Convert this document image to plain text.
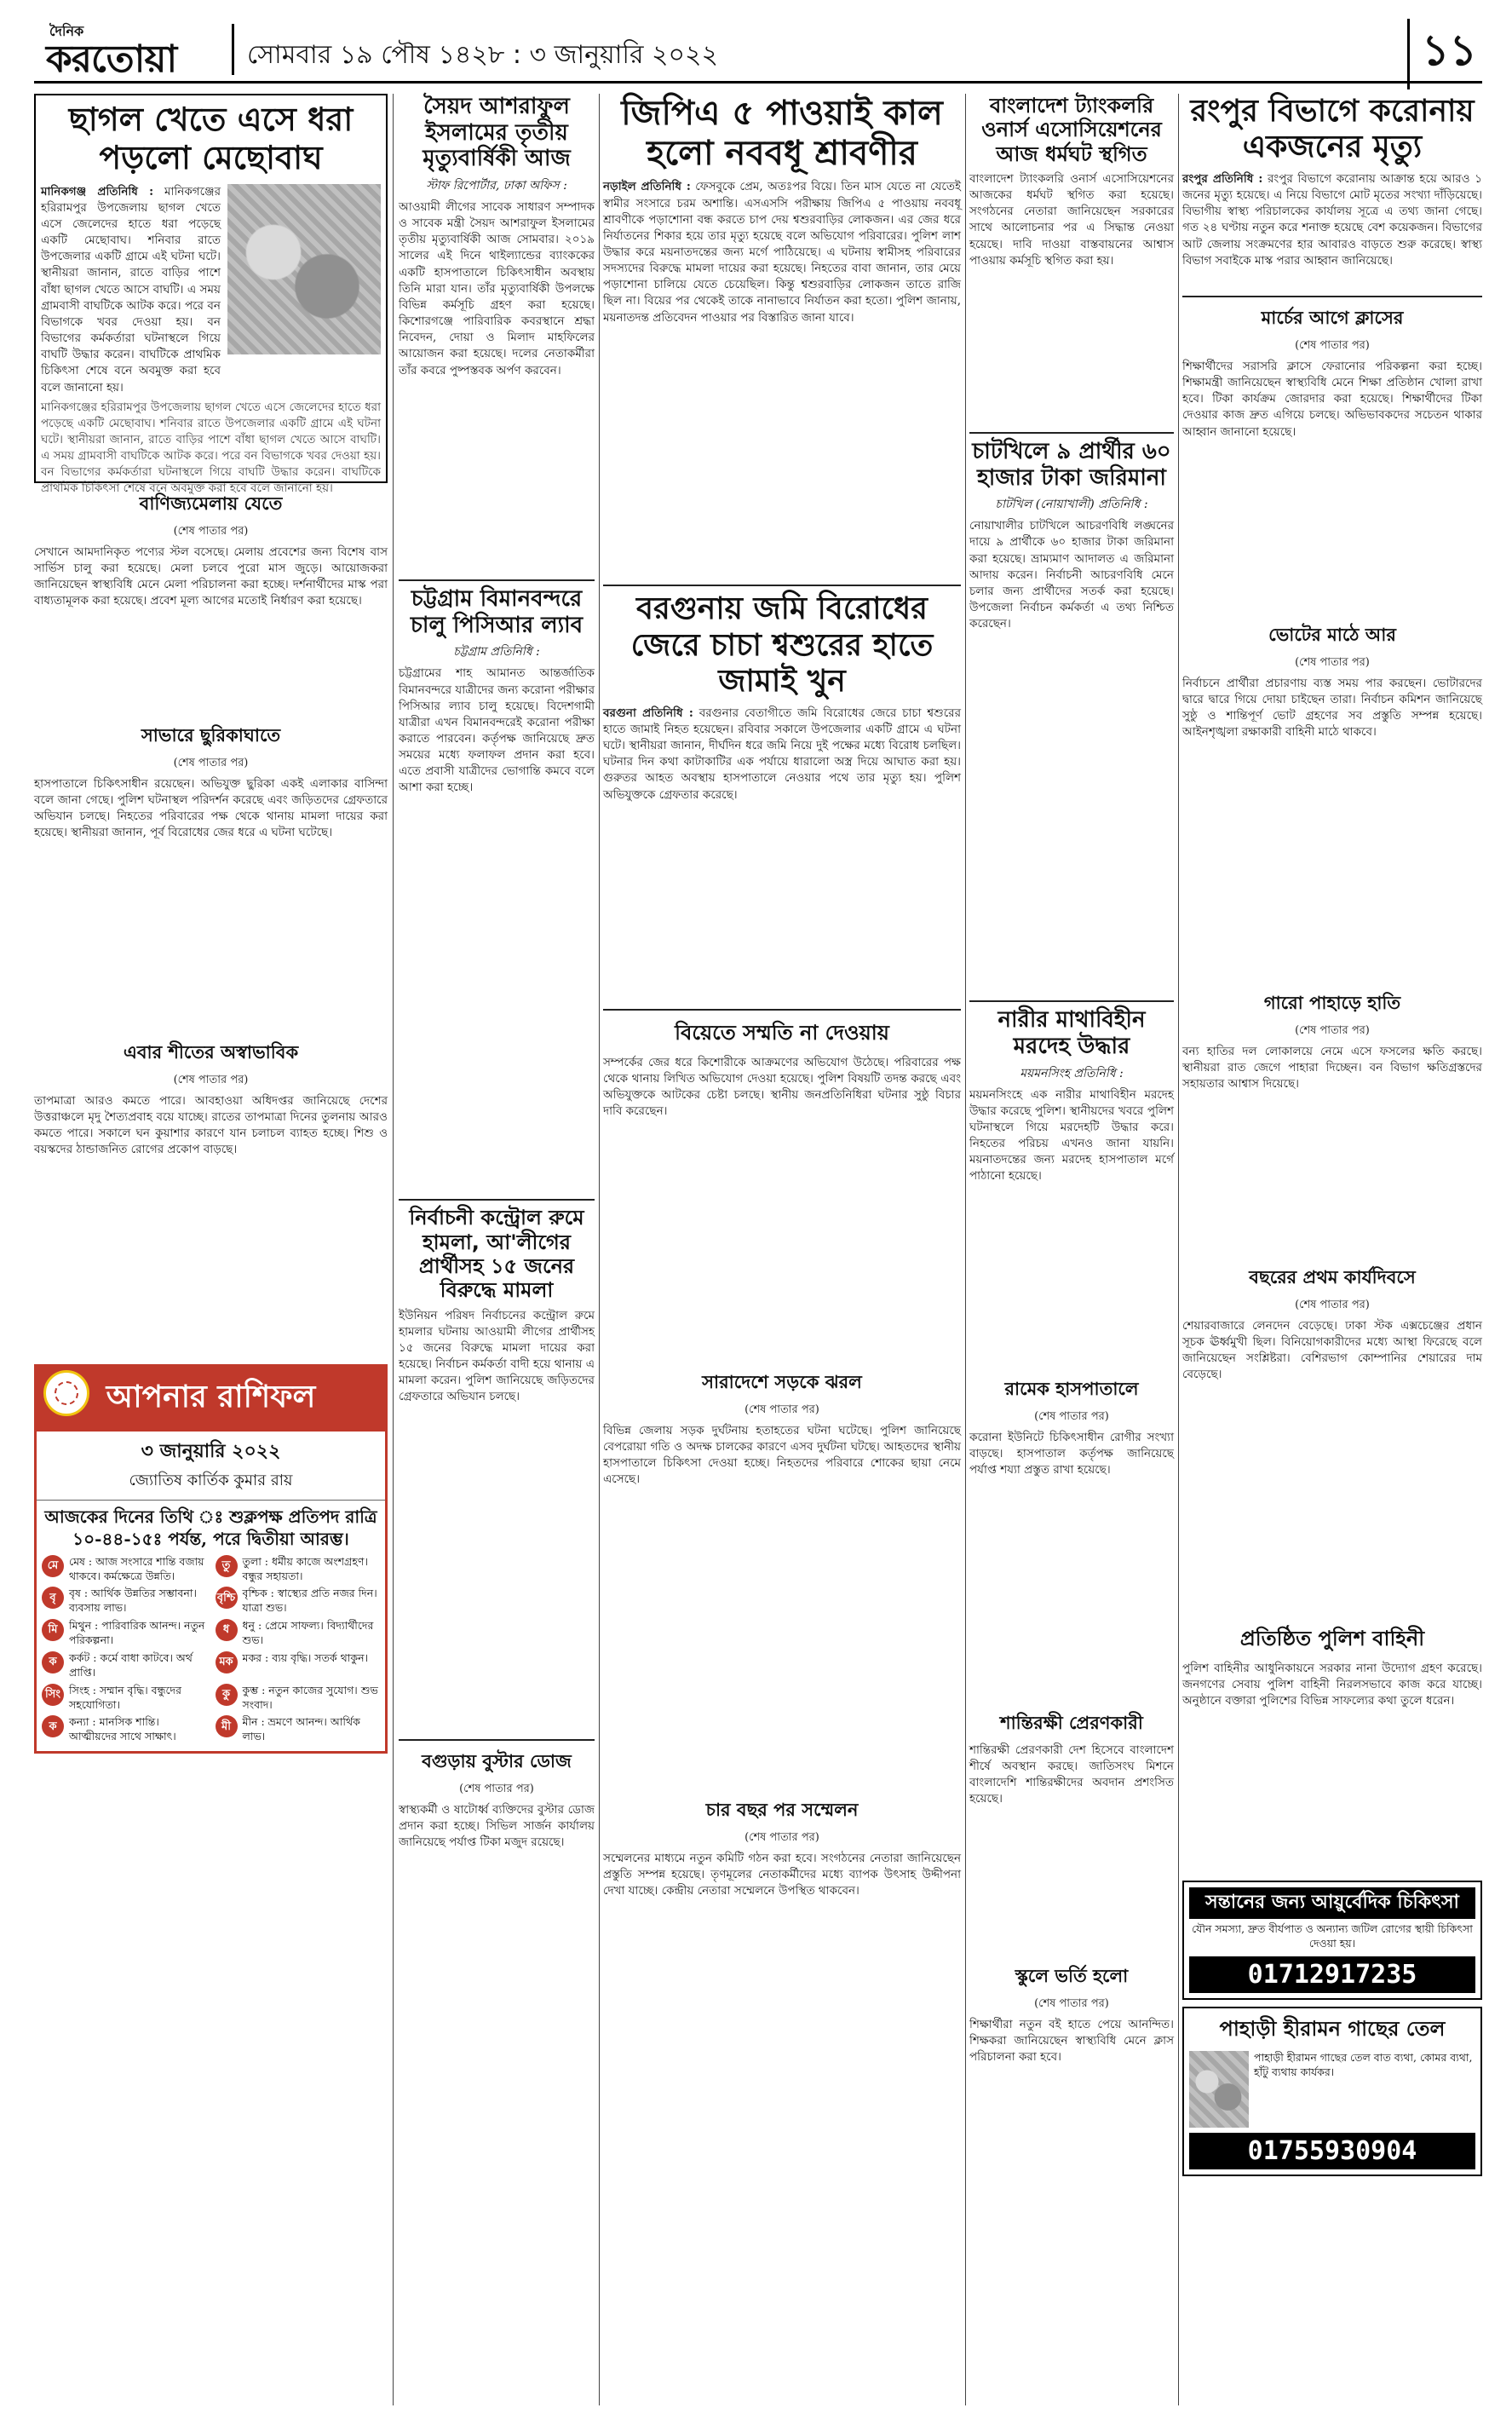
দৈনিক
করতোয়া	সোমবার ১৯ পৌষ ১৪২৮ : ৩ জানুয়ারি ২০২২	১১
ছাগল খেতে এসে ধরা পড়লো মেছোবাঘ
মানিকগঞ্জ প্রতিনিধি : মানিকগঞ্জের হরিরামপুর উপজেলায় ছাগল খেতে এসে জেলেদের হাতে ধরা পড়েছে একটি মেছোবাঘ। শনিবার রাতে উপজেলার একটি গ্রামে এই ঘটনা ঘটে। স্থানীয়রা জানান, রাতে বাড়ির পাশে বাঁধা ছাগল খেতে আসে বাঘটি। এ সময় গ্রামবাসী বাঘটিকে আটক করে। পরে বন বিভাগকে খবর দেওয়া হয়। বন বিভাগের কর্মকর্তারা ঘটনাস্থলে গিয়ে বাঘটি উদ্ধার করেন। বাঘটিকে প্রাথমিক চিকিৎসা শেষে বনে অবমুক্ত করা হবে বলে জানানো হয়।
মানিকগঞ্জের হরিরামপুর উপজেলায় ছাগল খেতে এসে জেলেদের হাতে ধরা পড়েছে একটি মেছোবাঘ। শনিবার রাতে উপজেলার একটি গ্রামে এই ঘটনা ঘটে। স্থানীয়রা জানান, রাতে বাড়ির পাশে বাঁধা ছাগল খেতে আসে বাঘটি। এ সময় গ্রামবাসী বাঘটিকে আটক করে। পরে বন বিভাগকে খবর দেওয়া হয়। বন বিভাগের কর্মকর্তারা ঘটনাস্থলে গিয়ে বাঘটি উদ্ধার করেন। বাঘটিকে প্রাথমিক চিকিৎসা শেষে বনে অবমুক্ত করা হবে বলে জানানো হয়।
বাণিজ্যমেলায় যেতে
(শেষ পাতার পর)
সেখানে আমদানিকৃত পণ্যের স্টল বসেছে। মেলায় প্রবেশের জন্য বিশেষ বাস সার্ভিস চালু করা হয়েছে। মেলা চলবে পুরো মাস জুড়ে। আয়োজকরা জানিয়েছেন স্বাস্থ্যবিধি মেনে মেলা পরিচালনা করা হচ্ছে। দর্শনার্থীদের মাস্ক পরা বাধ্যতামূলক করা হয়েছে। প্রবেশ মূল্য আগের মতোই নির্ধারণ করা হয়েছে।
সাভারে ছুরিকাঘাতে
(শেষ পাতার পর)
হাসপাতালে চিকিৎসাধীন রয়েছেন। অভিযুক্ত ছুরিকা একই এলাকার বাসিন্দা বলে জানা গেছে। পুলিশ ঘটনাস্থল পরিদর্শন করেছে এবং জড়িতদের গ্রেফতারে অভিযান চলছে। নিহতের পরিবারের পক্ষ থেকে থানায় মামলা দায়ের করা হয়েছে। স্থানীয়রা জানান, পূর্ব বিরোধের জের ধরে এ ঘটনা ঘটেছে।
এবার শীতের অস্বাভাবিক
(শেষ পাতার পর)
তাপমাত্রা আরও কমতে পারে। আবহাওয়া অধিদপ্তর জানিয়েছে দেশের উত্তরাঞ্চলে মৃদু শৈত্যপ্রবাহ বয়ে যাচ্ছে। রাতের তাপমাত্রা দিনের তুলনায় আরও কমতে পারে। সকালে ঘন কুয়াশার কারণে যান চলাচল ব্যাহত হচ্ছে। শিশু ও বয়স্কদের ঠান্ডাজনিত রোগের প্রকোপ বাড়ছে।
আপনার রাশিফল
৩ জানুয়ারি ২০২২
জ্যোতিষ কার্তিক কুমার রায়
আজকের দিনের তিথি ঃ শুক্লপক্ষ প্রতিপদ রাত্রি ১০-৪৪-১৫ঃ পর্যন্ত, পরে দ্বিতীয়া আরম্ভ।
মে	মেষ : আজ সংসারে শান্তি বজায় থাকবে। কর্মক্ষেত্রে উন্নতি।
তু	তুলা : ধর্মীয় কাজে অংশগ্রহণ। বন্ধুর সহায়তা।
বৃ	বৃষ : আর্থিক উন্নতির সম্ভাবনা। ব্যবসায় লাভ।
বৃশ্চি বৃশ্চিক : স্বাস্থ্যের প্রতি নজর দিন। যাত্রা শুভ।
মি	মিথুন : পারিবারিক আনন্দ। নতুন পরিকল্পনা।
ধ	ধনু : প্রেমে সাফল্য। বিদ্যার্থীদের শুভ।
ক	কর্কট : কর্মে বাধা কাটবে। অর্থ প্রাপ্তি।
মক মকর : ব্যয় বৃদ্ধি। সতর্ক থাকুন।
সিং সিংহ : সম্মান বৃদ্ধি। বন্ধুদের সহযোগিতা।
কু	কুম্ভ : নতুন কাজের সুযোগ। শুভ সংবাদ।
ক	কন্যা : মানসিক শান্তি। আত্মীয়দের সাথে সাক্ষাৎ।
মী	মীন : ভ্রমণে আনন্দ। আর্থিক লাভ।
সৈয়দ আশরাফুল ইসলামের তৃতীয় মৃত্যুবার্ষিকী আজ
স্টাফ রিপোর্টার, ঢাকা অফিস :
আওয়ামী লীগের সাবেক সাধারণ সম্পাদক ও সাবেক মন্ত্রী সৈয়দ আশরাফুল ইসলামের তৃতীয় মৃত্যুবার্ষিকী আজ সোমবার। ২০১৯ সালের এই দিনে থাইল্যান্ডের ব্যাংককের একটি হাসপাতালে চিকিৎসাধীন অবস্থায় তিনি মারা যান। তাঁর মৃত্যুবার্ষিকী উপলক্ষে বিভিন্ন কর্মসূচি গ্রহণ করা হয়েছে। কিশোরগঞ্জে পারিবারিক কবরস্থানে শ্রদ্ধা নিবেদন, দোয়া ও মিলাদ মাহফিলের আয়োজন করা হয়েছে। দলের নেতাকর্মীরা তাঁর কবরে পুষ্পস্তবক অর্পণ করবেন।
চট্টগ্রাম বিমানবন্দরে চালু পিসিআর ল্যাব
চট্টগ্রাম প্রতিনিধি :
চট্টগ্রামের শাহ আমানত আন্তর্জাতিক বিমানবন্দরে যাত্রীদের জন্য করোনা পরীক্ষার পিসিআর ল্যাব চালু হয়েছে। বিদেশগামী যাত্রীরা এখন বিমানবন্দরেই করোনা পরীক্ষা করাতে পারবেন। কর্তৃপক্ষ জানিয়েছে দ্রুত সময়ের মধ্যে ফলাফল প্রদান করা হবে। এতে প্রবাসী যাত্রীদের ভোগান্তি কমবে বলে আশা করা হচ্ছে।
নির্বাচনী কন্ট্রোল রুমে হামলা, আ'লীগের প্রার্থীসহ ১৫ জনের বিরুদ্ধে মামলা
ইউনিয়ন পরিষদ নির্বাচনের কন্ট্রোল রুমে হামলার ঘটনায় আওয়ামী লীগের প্রার্থীসহ ১৫ জনের বিরুদ্ধে মামলা দায়ের করা হয়েছে। নির্বাচন কর্মকর্তা বাদী হয়ে থানায় এ মামলা করেন। পুলিশ জানিয়েছে জড়িতদের গ্রেফতারে অভিযান চলছে।
বগুড়ায় বুস্টার ডোজ
(শেষ পাতার পর)
স্বাস্থ্যকর্মী ও ষাটোর্ধ্ব ব্যক্তিদের বুস্টার ডোজ প্রদান করা হচ্ছে। সিভিল সার্জন কার্যালয় জানিয়েছে পর্যাপ্ত টিকা মজুদ রয়েছে।
জিপিএ ৫ পাওয়াই কাল হলো নববধূ শ্রাবণীর
নড়াইল প্রতিনিধি : ফেসবুকে প্রেম, অতঃপর বিয়ে। তিন মাস যেতে না যেতেই স্বামীর সংসারে চরম অশান্তি। এসএসসি পরীক্ষায় জিপিএ ৫ পাওয়ায় নববধূ শ্রাবণীকে পড়াশোনা বন্ধ করতে চাপ দেয় শ্বশুরবাড়ির লোকজন। এর জের ধরে নির্যাতনের শিকার হয়ে তার মৃত্যু হয়েছে বলে অভিযোগ পরিবারের। পুলিশ লাশ উদ্ধার করে ময়নাতদন্তের জন্য মর্গে পাঠিয়েছে। এ ঘটনায় স্বামীসহ পরিবারের সদস্যদের বিরুদ্ধে মামলা দায়ের করা হয়েছে। নিহতের বাবা জানান, তার মেয়ে পড়াশোনা চালিয়ে যেতে চেয়েছিল। কিন্তু শ্বশুরবাড়ির লোকজন তাতে রাজি ছিল না। বিয়ের পর থেকেই তাকে নানাভাবে নির্যাতন করা হতো। পুলিশ জানায়, ময়নাতদন্ত প্রতিবেদন পাওয়ার পর বিস্তারিত জানা যাবে।
বরগুনায় জমি বিরোধের জেরে চাচা শ্বশুরের হাতে জামাই খুন
বরগুনা প্রতিনিধি : বরগুনার বেতাগীতে জমি বিরোধের জেরে চাচা শ্বশুরের হাতে জামাই নিহত হয়েছেন। রবিবার সকালে উপজেলার একটি গ্রামে এ ঘটনা ঘটে। স্থানীয়রা জানান, দীর্ঘদিন ধরে জমি নিয়ে দুই পক্ষের মধ্যে বিরোধ চলছিল। ঘটনার দিন কথা কাটাকাটির এক পর্যায়ে ধারালো অস্ত্র দিয়ে আঘাত করা হয়। গুরুতর আহত অবস্থায় হাসপাতালে নেওয়ার পথে তার মৃত্যু হয়। পুলিশ অভিযুক্তকে গ্রেফতার করেছে।
বিয়েতে সম্মতি না দেওয়ায়
সম্পর্কের জের ধরে কিশোরীকে আক্রমণের অভিযোগ উঠেছে। পরিবারের পক্ষ থেকে থানায় লিখিত অভিযোগ দেওয়া হয়েছে। পুলিশ বিষয়টি তদন্ত করছে এবং অভিযুক্তকে আটকের চেষ্টা চলছে। স্থানীয় জনপ্রতিনিধিরা ঘটনার সুষ্ঠু বিচার দাবি করেছেন।
সারাদেশে সড়কে ঝরল
(শেষ পাতার পর)
বিভিন্ন জেলায় সড়ক দুর্ঘটনায় হতাহতের ঘটনা ঘটেছে। পুলিশ জানিয়েছে বেপরোয়া গতি ও অদক্ষ চালকের কারণে এসব দুর্ঘটনা ঘটছে। আহতদের স্থানীয় হাসপাতালে চিকিৎসা দেওয়া হচ্ছে। নিহতদের পরিবারে শোকের ছায়া নেমে এসেছে।
চার বছর পর সম্মেলন
(শেষ পাতার পর)
সম্মেলনের মাধ্যমে নতুন কমিটি গঠন করা হবে। সংগঠনের নেতারা জানিয়েছেন প্রস্তুতি সম্পন্ন হয়েছে। তৃণমূলের নেতাকর্মীদের মধ্যে ব্যাপক উৎসাহ উদ্দীপনা দেখা যাচ্ছে। কেন্দ্রীয় নেতারা সম্মেলনে উপস্থিত থাকবেন।
বাংলাদেশ ট্যাংকলরি ওনার্স এসোসিয়েশনের আজ ধর্মঘট স্থগিত
বাংলাদেশ ট্যাংকলরি ওনার্স এসোসিয়েশনের আজকের ধর্মঘট স্থগিত করা হয়েছে। সংগঠনের নেতারা জানিয়েছেন সরকারের সাথে আলোচনার পর এ সিদ্ধান্ত নেওয়া হয়েছে। দাবি দাওয়া বাস্তবায়নের আশ্বাস পাওয়ায় কর্মসূচি স্থগিত করা হয়।
চাটখিলে ৯ প্রার্থীর ৬০ হাজার টাকা জরিমানা
চাটখিল (নোয়াখালী) প্রতিনিধি :
নোয়াখালীর চাটখিলে আচরণবিধি লঙ্ঘনের দায়ে ৯ প্রার্থীকে ৬০ হাজার টাকা জরিমানা করা হয়েছে। ভ্রাম্যমাণ আদালত এ জরিমানা আদায় করেন। নির্বাচনী আচরণবিধি মেনে চলার জন্য প্রার্থীদের সতর্ক করা হয়েছে। উপজেলা নির্বাচন কর্মকর্তা এ তথ্য নিশ্চিত করেছেন।
নারীর মাথাবিহীন মরদেহ উদ্ধার
ময়মনসিংহ প্রতিনিধি :
ময়মনসিংহে এক নারীর মাথাবিহীন মরদেহ উদ্ধার করেছে পুলিশ। স্থানীয়দের খবরে পুলিশ ঘটনাস্থলে গিয়ে মরদেহটি উদ্ধার করে। নিহতের পরিচয় এখনও জানা যায়নি। ময়নাতদন্তের জন্য মরদেহ হাসপাতাল মর্গে পাঠানো হয়েছে।
রামেক হাসপাতালে
(শেষ পাতার পর)
করোনা ইউনিটে চিকিৎসাধীন রোগীর সংখ্যা বাড়ছে। হাসপাতাল কর্তৃপক্ষ জানিয়েছে পর্যাপ্ত শয্যা প্রস্তুত রাখা হয়েছে।
শান্তিরক্ষী প্রেরণকারী
শান্তিরক্ষী প্রেরণকারী দেশ হিসেবে বাংলাদেশ শীর্ষে অবস্থান করছে। জাতিসংঘ মিশনে বাংলাদেশি শান্তিরক্ষীদের অবদান প্রশংসিত হয়েছে।
স্কুলে ভর্তি হলো
(শেষ পাতার পর)
শিক্ষার্থীরা নতুন বই হাতে পেয়ে আনন্দিত। শিক্ষকরা জানিয়েছেন স্বাস্থ্যবিধি মেনে ক্লাস পরিচালনা করা হবে।
রংপুর বিভাগে করোনায় একজনের মৃত্যু
রংপুর প্রতিনিধি : রংপুর বিভাগে করোনায় আক্রান্ত হয়ে আরও ১ জনের মৃত্যু হয়েছে। এ নিয়ে বিভাগে মোট মৃতের সংখ্যা দাঁড়িয়েছে। বিভাগীয় স্বাস্থ্য পরিচালকের কার্যালয় সূত্রে এ তথ্য জানা গেছে। গত ২৪ ঘণ্টায় নতুন করে শনাক্ত হয়েছে বেশ কয়েকজন। বিভাগের আট জেলায় সংক্রমণের হার আবারও বাড়তে শুরু করেছে। স্বাস্থ্য বিভাগ সবাইকে মাস্ক পরার আহ্বান জানিয়েছে।
মার্চের আগে ক্লাসের
(শেষ পাতার পর)
শিক্ষার্থীদের সরাসরি ক্লাসে ফেরানোর পরিকল্পনা করা হচ্ছে। শিক্ষামন্ত্রী জানিয়েছেন স্বাস্থ্যবিধি মেনে শিক্ষা প্রতিষ্ঠান খোলা রাখা হবে। টিকা কার্যক্রম জোরদার করা হয়েছে। শিক্ষার্থীদের টিকা দেওয়ার কাজ দ্রুত এগিয়ে চলছে। অভিভাবকদের সচেতন থাকার আহ্বান জানানো হয়েছে।
ভোটের মাঠে আর
(শেষ পাতার পর)
নির্বাচনে প্রার্থীরা প্রচারণায় ব্যস্ত সময় পার করছেন। ভোটারদের দ্বারে দ্বারে গিয়ে দোয়া চাইছেন তারা। নির্বাচন কমিশন জানিয়েছে সুষ্ঠু ও শান্তিপূর্ণ ভোট গ্রহণের সব প্রস্তুতি সম্পন্ন হয়েছে। আইনশৃঙ্খলা রক্ষাকারী বাহিনী মাঠে থাকবে।
গারো পাহাড়ে হাতি
(শেষ পাতার পর)
বন্য হাতির দল লোকালয়ে নেমে এসে ফসলের ক্ষতি করছে। স্থানীয়রা রাত জেগে পাহারা দিচ্ছেন। বন বিভাগ ক্ষতিগ্রস্তদের সহায়তার আশ্বাস দিয়েছে।
বছরের প্রথম কার্যদিবসে
(শেষ পাতার পর)
শেয়ারবাজারে লেনদেন বেড়েছে। ঢাকা স্টক এক্সচেঞ্জের প্রধান সূচক ঊর্ধ্বমুখী ছিল। বিনিয়োগকারীদের মধ্যে আস্থা ফিরেছে বলে জানিয়েছেন সংশ্লিষ্টরা। বেশিরভাগ কোম্পানির শেয়ারের দাম বেড়েছে।
প্রতিষ্ঠিত পুলিশ বাহিনী
পুলিশ বাহিনীর আধুনিকায়নে সরকার নানা উদ্যোগ গ্রহণ করেছে। জনগণের সেবায় পুলিশ বাহিনী নিরলসভাবে কাজ করে যাচ্ছে। অনুষ্ঠানে বক্তারা পুলিশের বিভিন্ন সাফল্যের কথা তুলে ধরেন।
সন্তানের জন্য আয়ুর্বেদিক চিকিৎসা
যৌন সমস্যা, দ্রুত বীর্যপাত ও অন্যান্য জটিল রোগের স্থায়ী চিকিৎসা দেওয়া হয়।
01712917235
পাহাড়ী হীরামন গাছের তেল
পাহাড়ী হীরামন গাছের তেল বাত ব্যথা, কোমর ব্যথা, হাঁটু ব্যথায় কার্যকর।
01755930904
